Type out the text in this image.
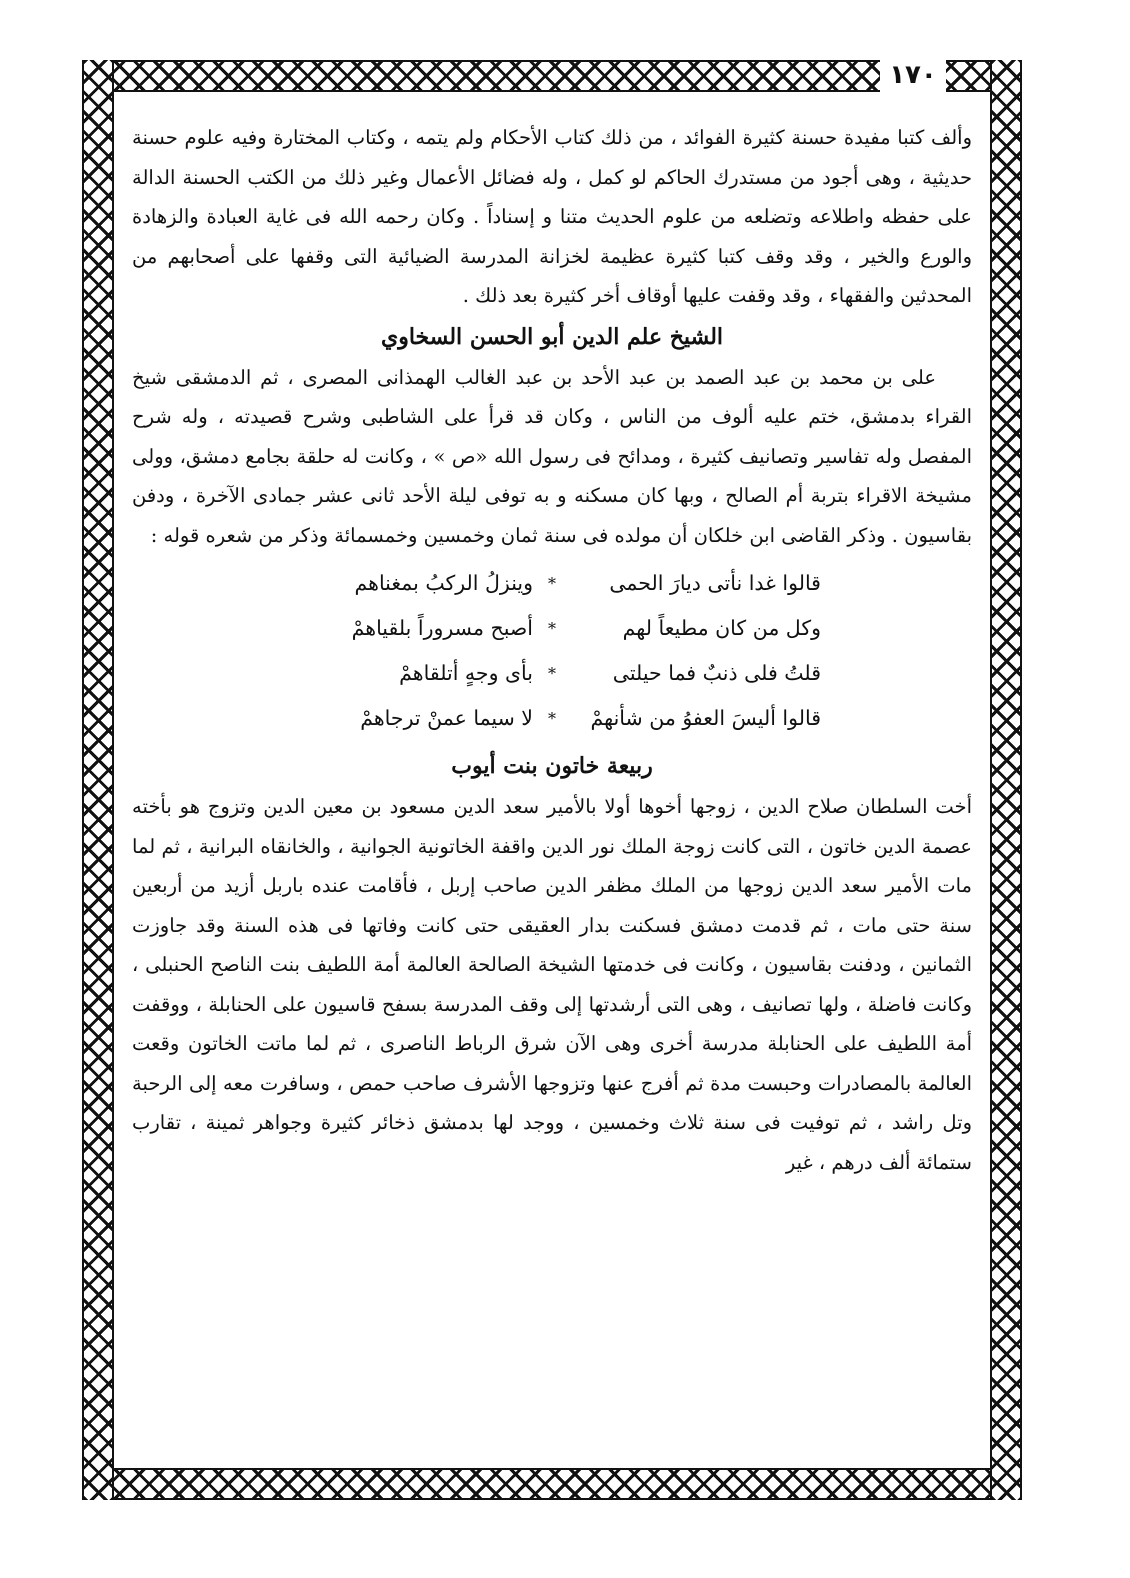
١٧٠

وألف كتبا مفيدة حسنة كثيرة الفوائد ، من ذلك كتاب الأحكام ولم يتمه ، وكتاب المختارة وفيه علوم حسنة حديثية ، وهى أجود من مستدرك الحاكم لو كمل ، وله فضائل الأعمال وغير ذلك من الكتب الحسنة الدالة على حفظه واطلاعه وتضلعه من علوم الحديث متنا و إسناداً . وكان رحمه الله فى غاية العبادة والزهادة والورع والخير ، وقد وقف كتبا كثيرة عظيمة لخزانة المدرسة الضيائية التى وقفها على أصحابهم من المحدثين والفقهاء ، وقد وقفت عليها أوقاف أخر كثيرة بعد ذلك .

الشيخ علم الدين أبو الحسن السخاوي

على بن محمد بن عبد الصمد بن عبد الأحد بن عبد الغالب الهمذانى المصرى ، ثم الدمشقى شيخ القراء بدمشق، ختم عليه ألوف من الناس ، وكان قد قرأ على الشاطبى وشرح قصيدته ، وله شرح المفصل وله تفاسير وتصانيف كثيرة ، ومدائح فى رسول الله «ص » ، وكانت له حلقة بجامع دمشق، وولى مشيخة الاقراء بتربة أم الصالح ، وبها كان مسكنه و به توفى ليلة الأحد ثانى عشر جمادى الآخرة ، ودفن بقاسيون . وذكر القاضى ابن خلكان أن مولده فى سنة ثمان وخمسين وخمسمائة وذكر من شعره قوله :

قالوا غدا نأتى ديارَ الحمى
*
وينزلُ الركبُ بمغناهم
وكل من كان مطيعاً لهم
*
أصبح مسروراً بلقياهمْ
قلتُ فلى ذنبٌ فما حيلتى
*
بأى وجهٍ أتلقاهمْ
قالوا أليسَ العفوُ من شأنهمْ
*
لا سيما عمنْ ترجاهمْ
ربيعة خاتون بنت أيوب

أخت السلطان صلاح الدين ، زوجها أخوها أولا بالأمير سعد الدين مسعود بن معين الدين وتزوج هو بأخته عصمة الدين خاتون ، التى كانت زوجة الملك نور الدين واقفة الخاتونية الجوانية ، والخانقاه البرانية ، ثم لما مات الأمير سعد الدين زوجها من الملك مظفر الدين صاحب إربل ، فأقامت عنده باربل أزيد من أربعين سنة حتى مات ، ثم قدمت دمشق فسكنت بدار العقيقى حتى كانت وفاتها فى هذه السنة وقد جاوزت الثمانين ، ودفنت بقاسيون ، وكانت فى خدمتها الشيخة الصالحة العالمة أمة اللطيف بنت الناصح الحنبلى ، وكانت فاضلة ، ولها تصانيف ، وهى التى أرشدتها إلى وقف المدرسة بسفح قاسيون على الحنابلة ، ووقفت أمة اللطيف على الحنابلة مدرسة أخرى وهى الآن شرق الرباط الناصرى ، ثم لما ماتت الخاتون وقعت العالمة بالمصادرات وحبست مدة ثم أفرج عنها وتزوجها الأشرف صاحب حمص ، وسافرت معه إلى الرحبة وتل راشد ، ثم توفيت فى سنة ثلاث وخمسين ، ووجد لها بدمشق ذخائر كثيرة وجواهر ثمينة ، تقارب ستمائة ألف درهم ، غير
